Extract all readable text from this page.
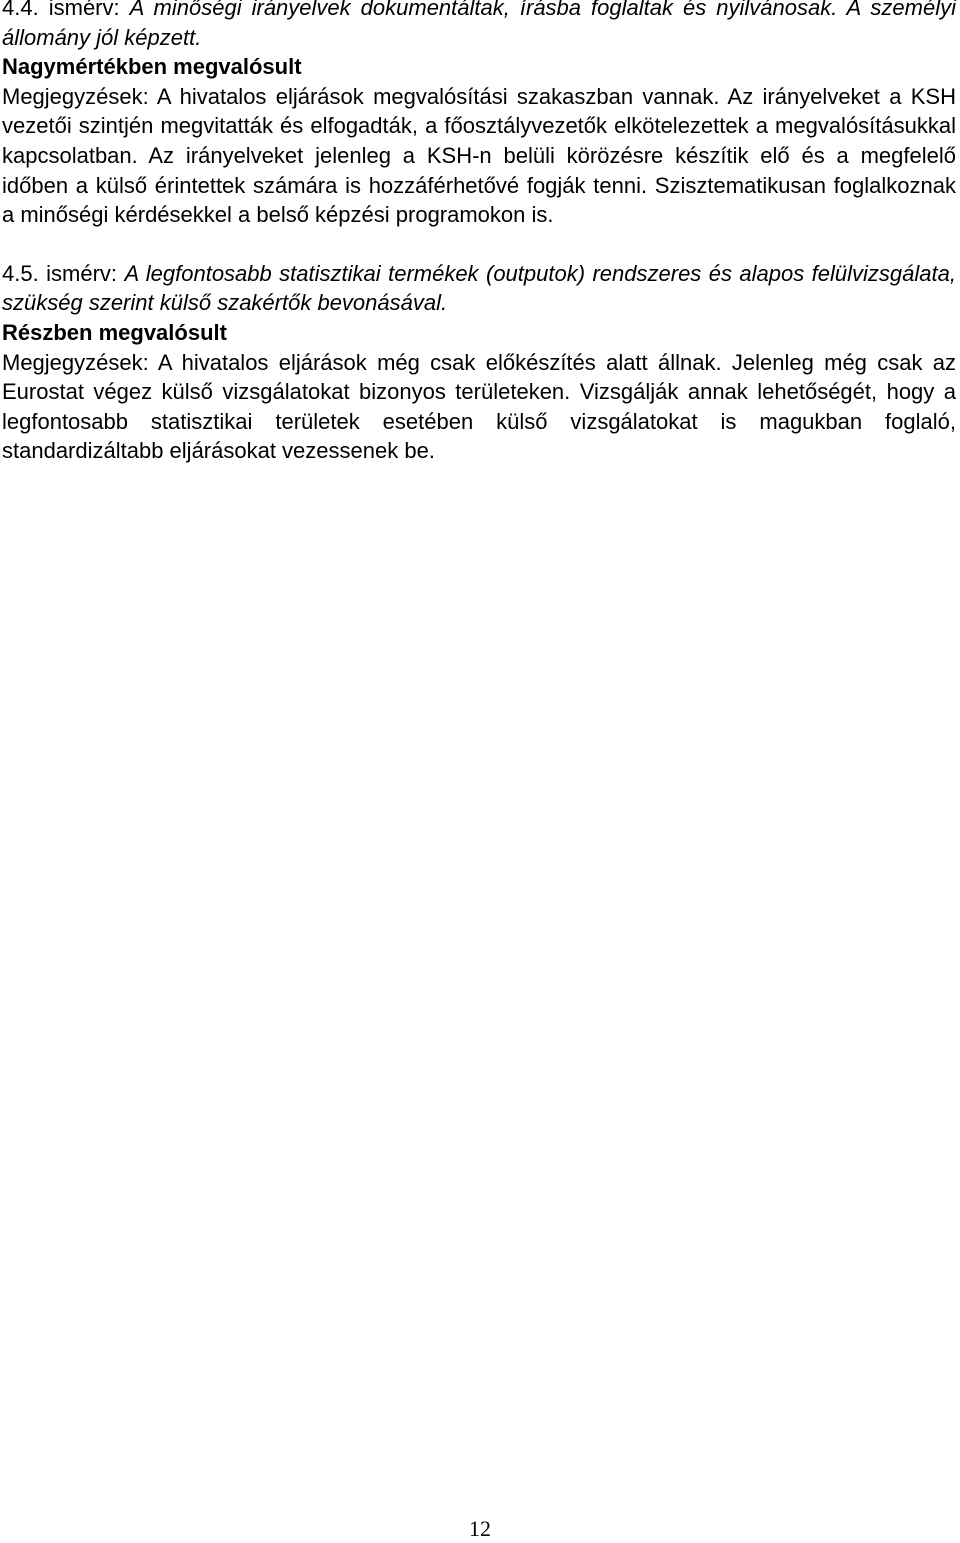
4.4. ismérv: A minőségi irányelvek dokumentáltak, írásba foglaltak és nyilvánosak. A személyi állomány jól képzett.

Nagymértékben megvalósult

Megjegyzések: A hivatalos eljárások megvalósítási szakaszban vannak. Az irányelveket a KSH vezetői szintjén megvitatták és elfogadták, a főosztályvezetők elkötelezettek a megvalósításukkal kapcsolatban. Az irányelveket jelenleg a KSH-n belüli körözésre készítik elő és a megfelelő időben a külső érintettek számára is hozzáférhetővé fogják tenni. Szisztematikusan foglalkoznak a minőségi kérdésekkel a belső képzési programokon is.

4.5. ismérv: A legfontosabb statisztikai termékek (outputok) rendszeres és alapos felülvizsgálata, szükség szerint külső szakértők bevonásával.

Részben megvalósult

Megjegyzések: A hivatalos eljárások még csak előkészítés alatt állnak. Jelenleg még csak az Eurostat végez külső vizsgálatokat bizonyos területeken. Vizsgálják annak lehetőségét, hogy a legfontosabb statisztikai területek esetében külső vizsgálatokat is magukban foglaló, standardizáltabb eljárásokat vezessenek be.

12
